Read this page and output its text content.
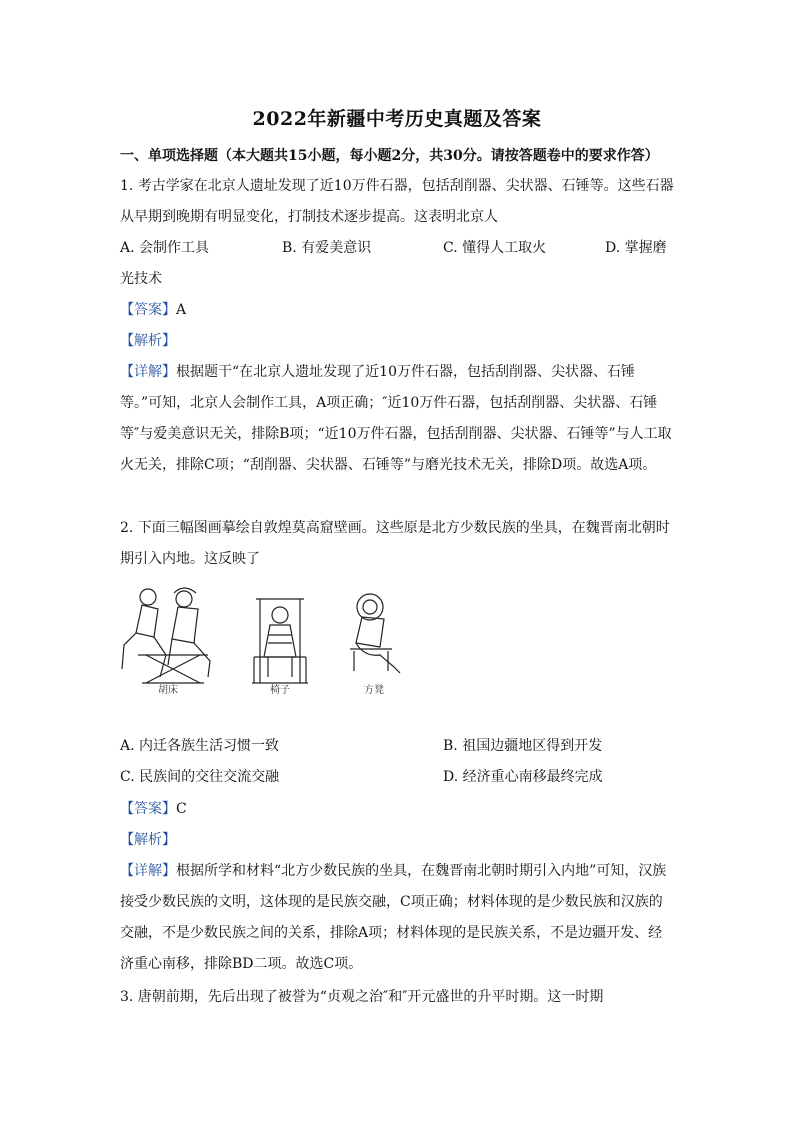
2022年新疆中考历史真题及答案
一、单项选择题（本大题共15小题，每小题2分，共30分。请按答题卷中的要求作答）
1. 考古学家在北京人遗址发现了近10万件石器，包括刮削器、尖状器、石锤等。这些石器从早期到晚期有明显变化，打制技术逐步提高。这表明北京人
A. 会制作工具	B. 有爱美意识	C. 懂得人工取火	D. 掌握磨光技术
【答案】A
【解析】
【详解】根据题干“在北京人遗址发现了近10万件石器，包括刮削器、尖状器、石锤等。”可知，北京人会制作工具，A项正确；″近10万件石器，包括刮削器、尖状器、石锤等″与爱美意识无关，排除B项；“近10万件石器，包括刮削器、尖状器、石锤等”与人工取火无关，排除C项；“刮削器、尖状器、石锤等”与磨光技术无关，排除D项。故选A项。
2. 下面三幅图画摹绘自敦煌莫高窟壁画。这些原是北方少数民族的坐具，在魏晋南北朝时期引入内地。这反映了
胡床	椅子	方凳
A. 内迁各族生活习惯一致	B. 祖国边疆地区得到开发
C. 民族间的交往交流交融	D. 经济重心南移最终完成
【答案】C
【解析】
【详解】根据所学和材料“北方少数民族的坐具，在魏晋南北朝时期引入内地”可知，汉族接受少数民族的文明，这体现的是民族交融，C项正确；材料体现的是少数民族和汉族的交融，不是少数民族之间的关系，排除A项；材料体现的是民族关系，不是边疆开发、经济重心南移，排除BD二项。故选C项。
3. 唐朝前期，先后出现了被誉为“贞观之治″和″开元盛世的升平时期。这一时期
